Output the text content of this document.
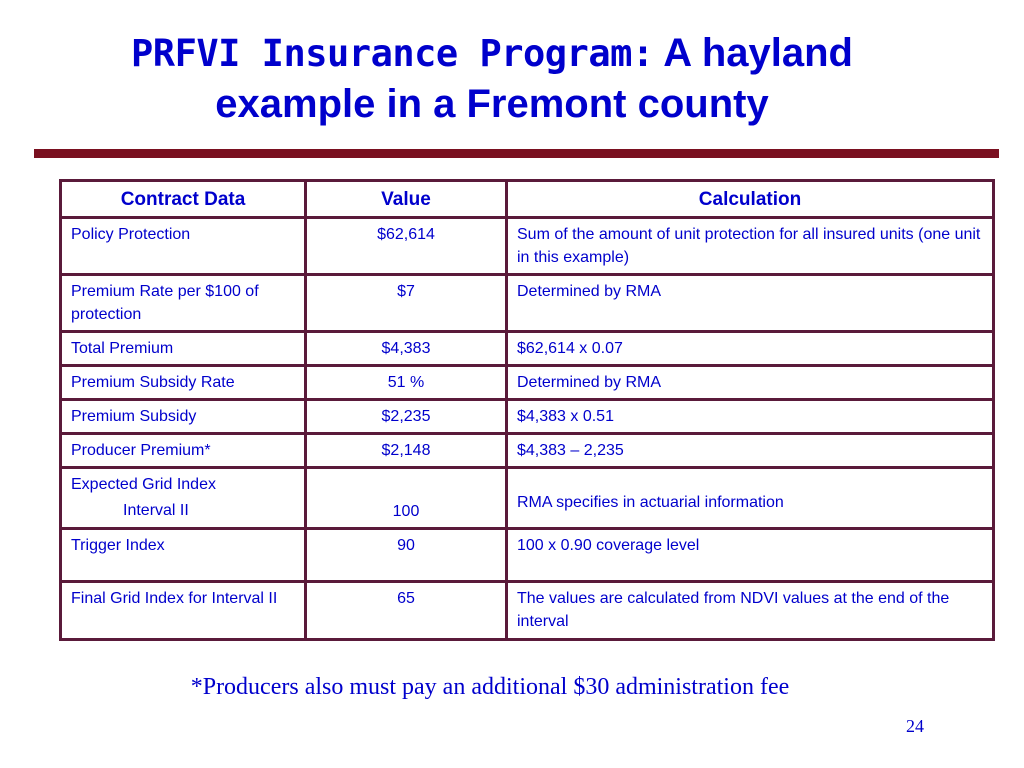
PRFVI Insurance Program: A hayland
example in a Fremont county
Contract Data	Value	Calculation
Policy Protection	$62,614	Sum of the amount of unit protection for all insured units (one unit in this example)
Premium Rate per $100 of protection	$7	Determined by RMA
Total Premium	$4,383	$62,614 x 0.07
Premium Subsidy Rate	51 %	Determined by RMA
Premium Subsidy	$2,235	$4,383 x 0.51
Producer Premium*	$2,148	$4,383 – 2,235

Expected Grid Index
Interval II	100	RMA specifies in actuarial information
Trigger Index	90	100 x 0.90 coverage level
Final Grid Index for Interval II	65	The values are calculated from NDVI values at the end of the interval
*Producers also must pay an additional $30 administration fee
24
